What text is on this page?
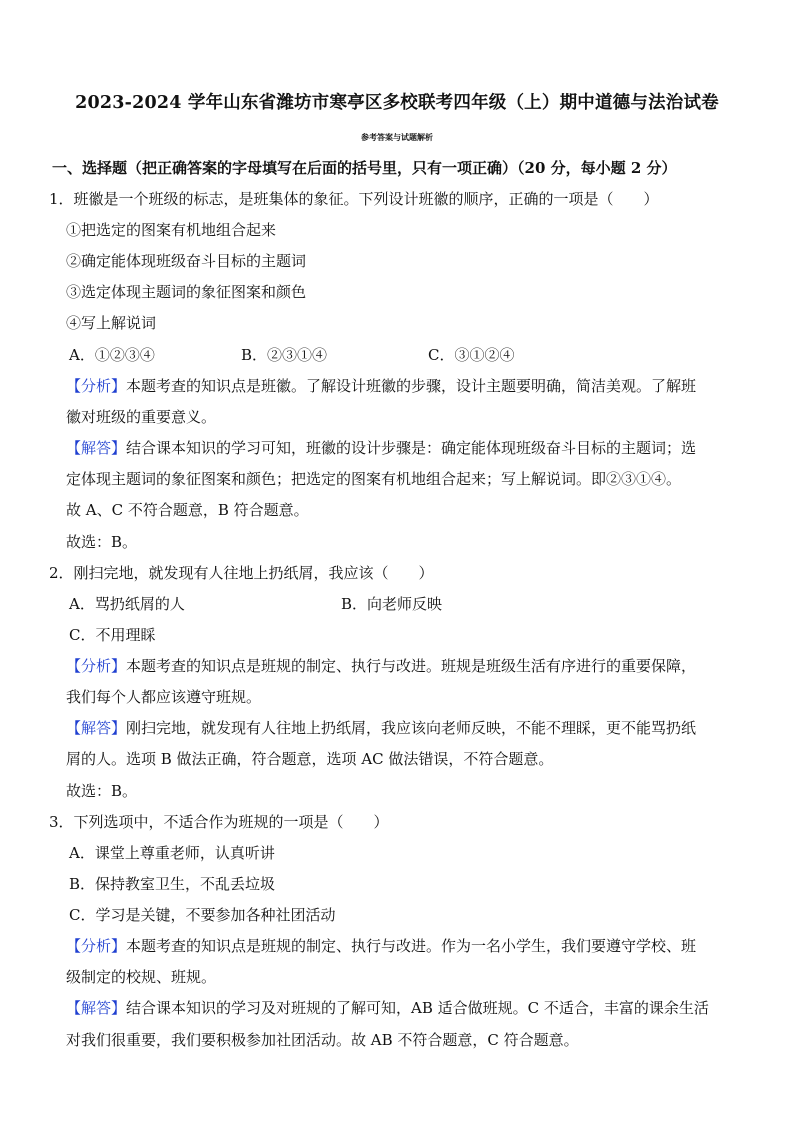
2023-2024 学年山东省潍坊市寒亭区多校联考四年级（上）期中道德与法治试卷
参考答案与试题解析
一、选择题（把正确答案的字母填写在后面的括号里，只有一项正确）（20 分，每小题 2 分）
1．班徽是一个班级的标志，是班集体的象征。下列设计班徽的顺序，正确的一项是（　　）
①把选定的图案有机地组合起来
②确定能体现班级奋斗目标的主题词
③选定体现主题词的象征图案和颜色
④写上解说词
A．①②③④	B．②③①④	C．③①②④
【分析】本题考查的知识点是班徽。了解设计班徽的步骤，设计主题要明确，简洁美观。了解班
徽对班级的重要意义。
【解答】结合课本知识的学习可知，班徽的设计步骤是：确定能体现班级奋斗目标的主题词；选
定体现主题词的象征图案和颜色；把选定的图案有机地组合起来；写上解说词。即②③①④。
故 A、C 不符合题意，B 符合题意。
故选：B。
2．刚扫完地，就发现有人往地上扔纸屑，我应该（　　）
A．骂扔纸屑的人	B．向老师反映
C．不用理睬
【分析】本题考查的知识点是班规的制定、执行与改进。班规是班级生活有序进行的重要保障，
我们每个人都应该遵守班规。
【解答】刚扫完地，就发现有人往地上扔纸屑，我应该向老师反映，不能不理睬，更不能骂扔纸
屑的人。选项 B 做法正确，符合题意，选项 AC 做法错误，不符合题意。
故选：B。
3．下列选项中，不适合作为班规的一项是（　　）
A．课堂上尊重老师，认真听讲
B．保持教室卫生，不乱丢垃圾
C．学习是关键，不要参加各种社团活动
【分析】本题考查的知识点是班规的制定、执行与改进。作为一名小学生，我们要遵守学校、班
级制定的校规、班规。
【解答】结合课本知识的学习及对班规的了解可知，AB 适合做班规。C 不适合，丰富的课余生活
对我们很重要，我们要积极参加社团活动。故 AB 不符合题意，C 符合题意。
